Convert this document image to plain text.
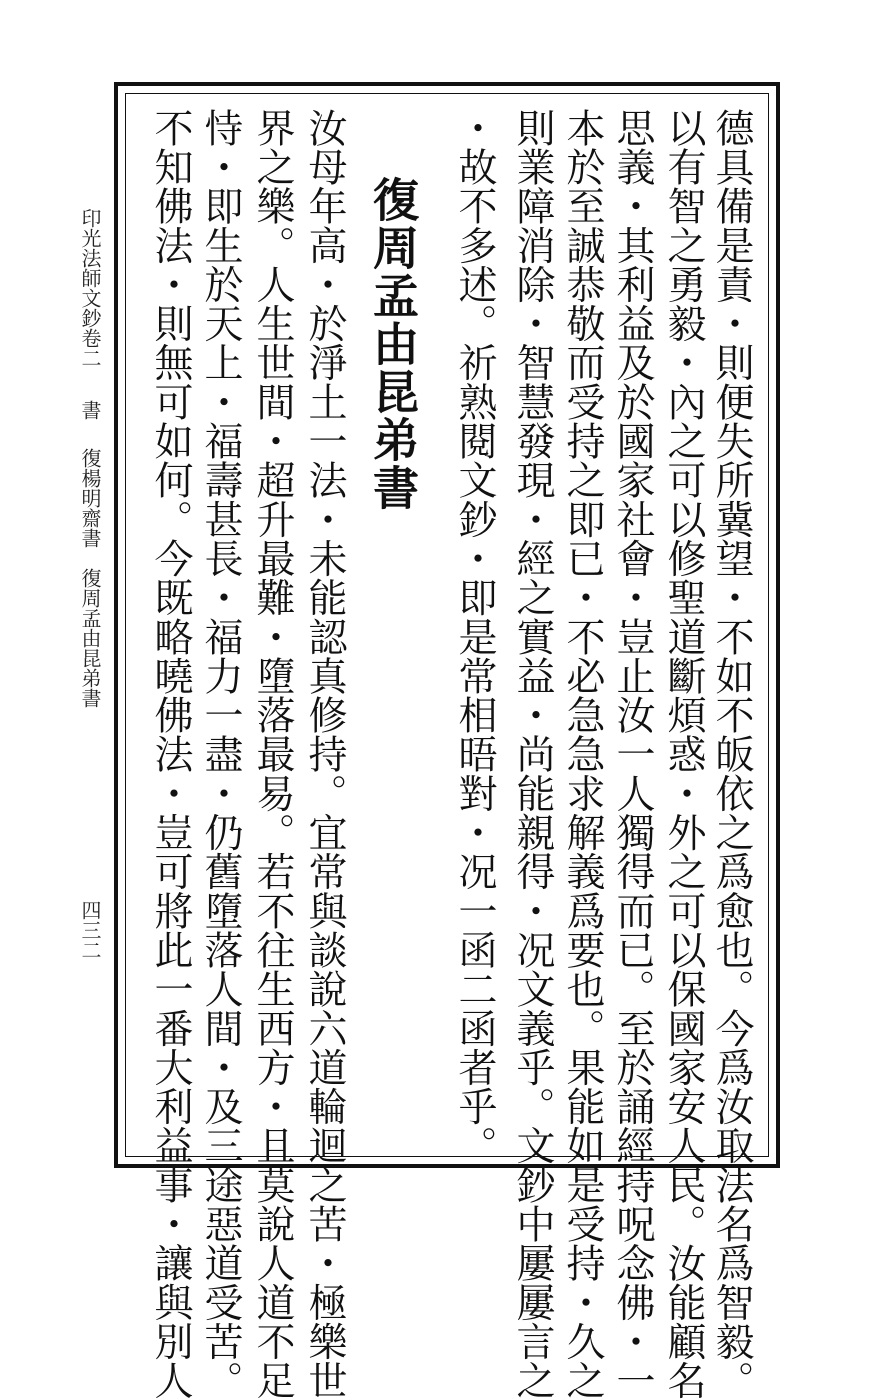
印光法師文鈔卷二
書
復楊明齋書　復周孟由昆弟書
四三二	德具備是責・則便失所冀望・不如不皈依之爲愈也。今爲汝取法名爲智毅。
以有智之勇毅・內之可以修聖道斷煩惑・外之可以保國家安人民。汝能顧名
思義・其利益及於國家社會・豈止汝一人獨得而已。至於誦經持呪念佛・一
本於至誠恭敬而受持之即已・不必急急求解義爲要也。果能如是受持・久之
則業障消除・智慧發現・經之實益・尚能親得・况文義乎。文鈔中屢屢言之
・故不多述。祈熟閱文鈔・即是常相晤對・况一函二函者乎。
復周孟由昆弟書
汝母年高・於淨土一法・未能認真修持。宜常與談說六道輪迴之苦・極樂世
界之樂。人生世間・超升最難・墮落最易。若不往生西方・且莫說人道不足
恃・即生於天上・福壽甚長・福力一盡・仍舊墮落人間・及三途惡道受苦。
不知佛法・則無可如何。今既略曉佛法・豈可將此一番大利益事・讓與別人
